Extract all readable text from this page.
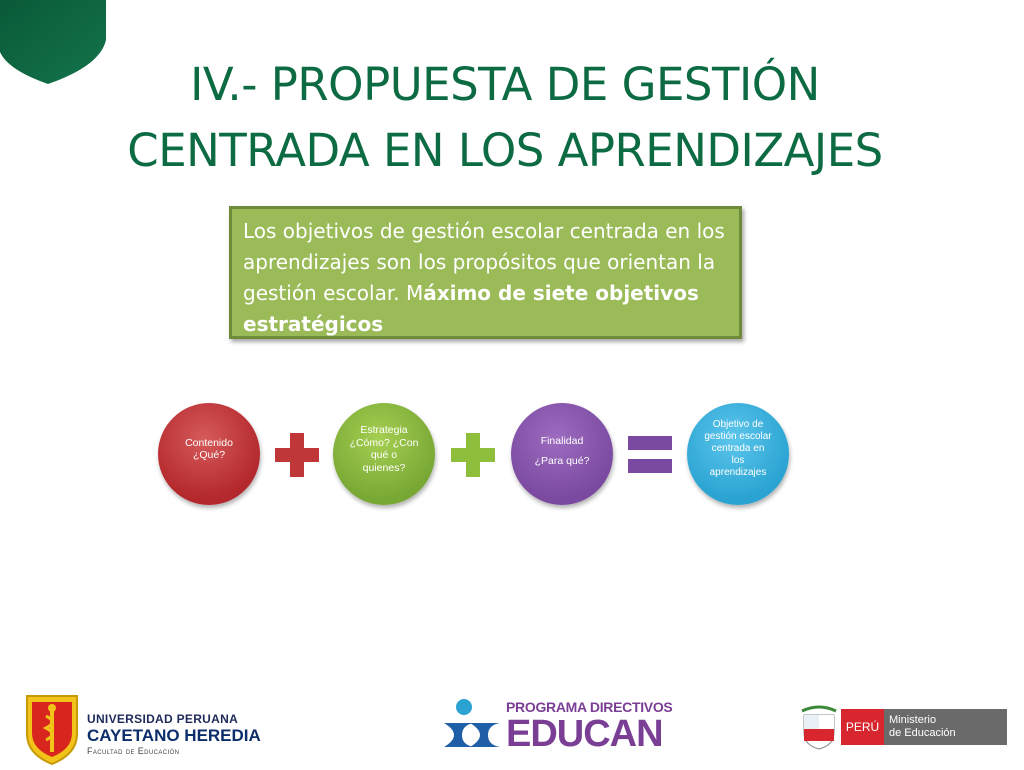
IV.- PROPUESTA DE GESTIÓN
CENTRADA EN LOS APRENDIZAJES
Los objetivos de gestión escolar centrada en los aprendizajes son los propósitos que orientan la gestión escolar. Máximo de siete objetivos estratégicos
Contenido
¿Qué?
Estrategia
¿Cómo? ¿Con
qué o
quienes?
Finalidad
¿Para qué?
Objetivo de
gestión escolar
centrada en
los
aprendizajes
UNIVERSIDAD PERUANA
CAYETANO HEREDIA
Facultad de Educación
PROGRAMA DIRECTIVOS
EDUCAN	PERÚ Ministerio
de Educación
